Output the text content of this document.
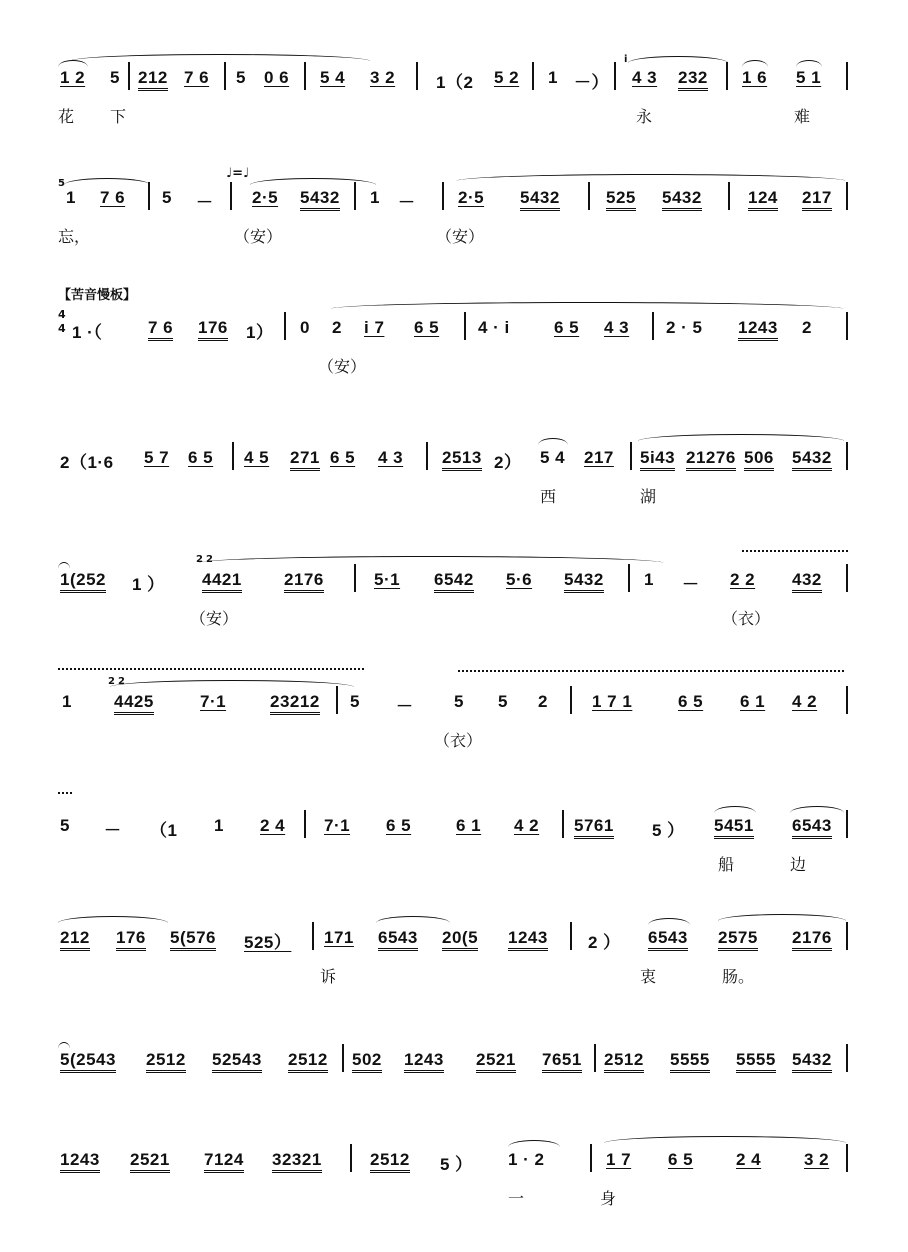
1 2 5 212 7 6 5 0 6 5 4 3 2 1（2 5 2 1 －）
i
4 3 232 1 6 5 1
花 下	永	难
♩=♩
5
1 7 6 5 － 2·5 5432 1 －	2·5 5432	525 5432	124 217
忘，	（安）	（安）
【苦音慢板】
4
4 1 ·（	7 6 176 1） 0 2 i 7 6 5 4 · i	6 5 4 3 2 · 5 1243 2
（安）
2（1·6 5 7 6 5 4 5 271 6 5 4 3 2513 2） 5 4 217 5i43 21276 506 5432
西	湖
1(252 1 ）
2 2
4421 2176	5·1 6542 5·6 5432 1 － 2 2 432
（安）	（衣）
1
2 2
4425	7·1	23212 5 － 5 5 2	1 7 1	6 5 6 1 4 2
（衣）
5 － （1 1 2 4 7·1 6 5	6 1 4 2 5761 5 ） 5451 6543
船	边
212 176 5(576 525） 171 6543 20(5 1243 2 ） 6543 2575 2176
诉	衷	肠。
5(2543 2512 52543 2512 502 1243 2521 7651 2512 5555 5555 5432
1243 2521 7124 32321	2512 5 ） 1 · 2	1 7 6 5	2 4	3 2
一	身
